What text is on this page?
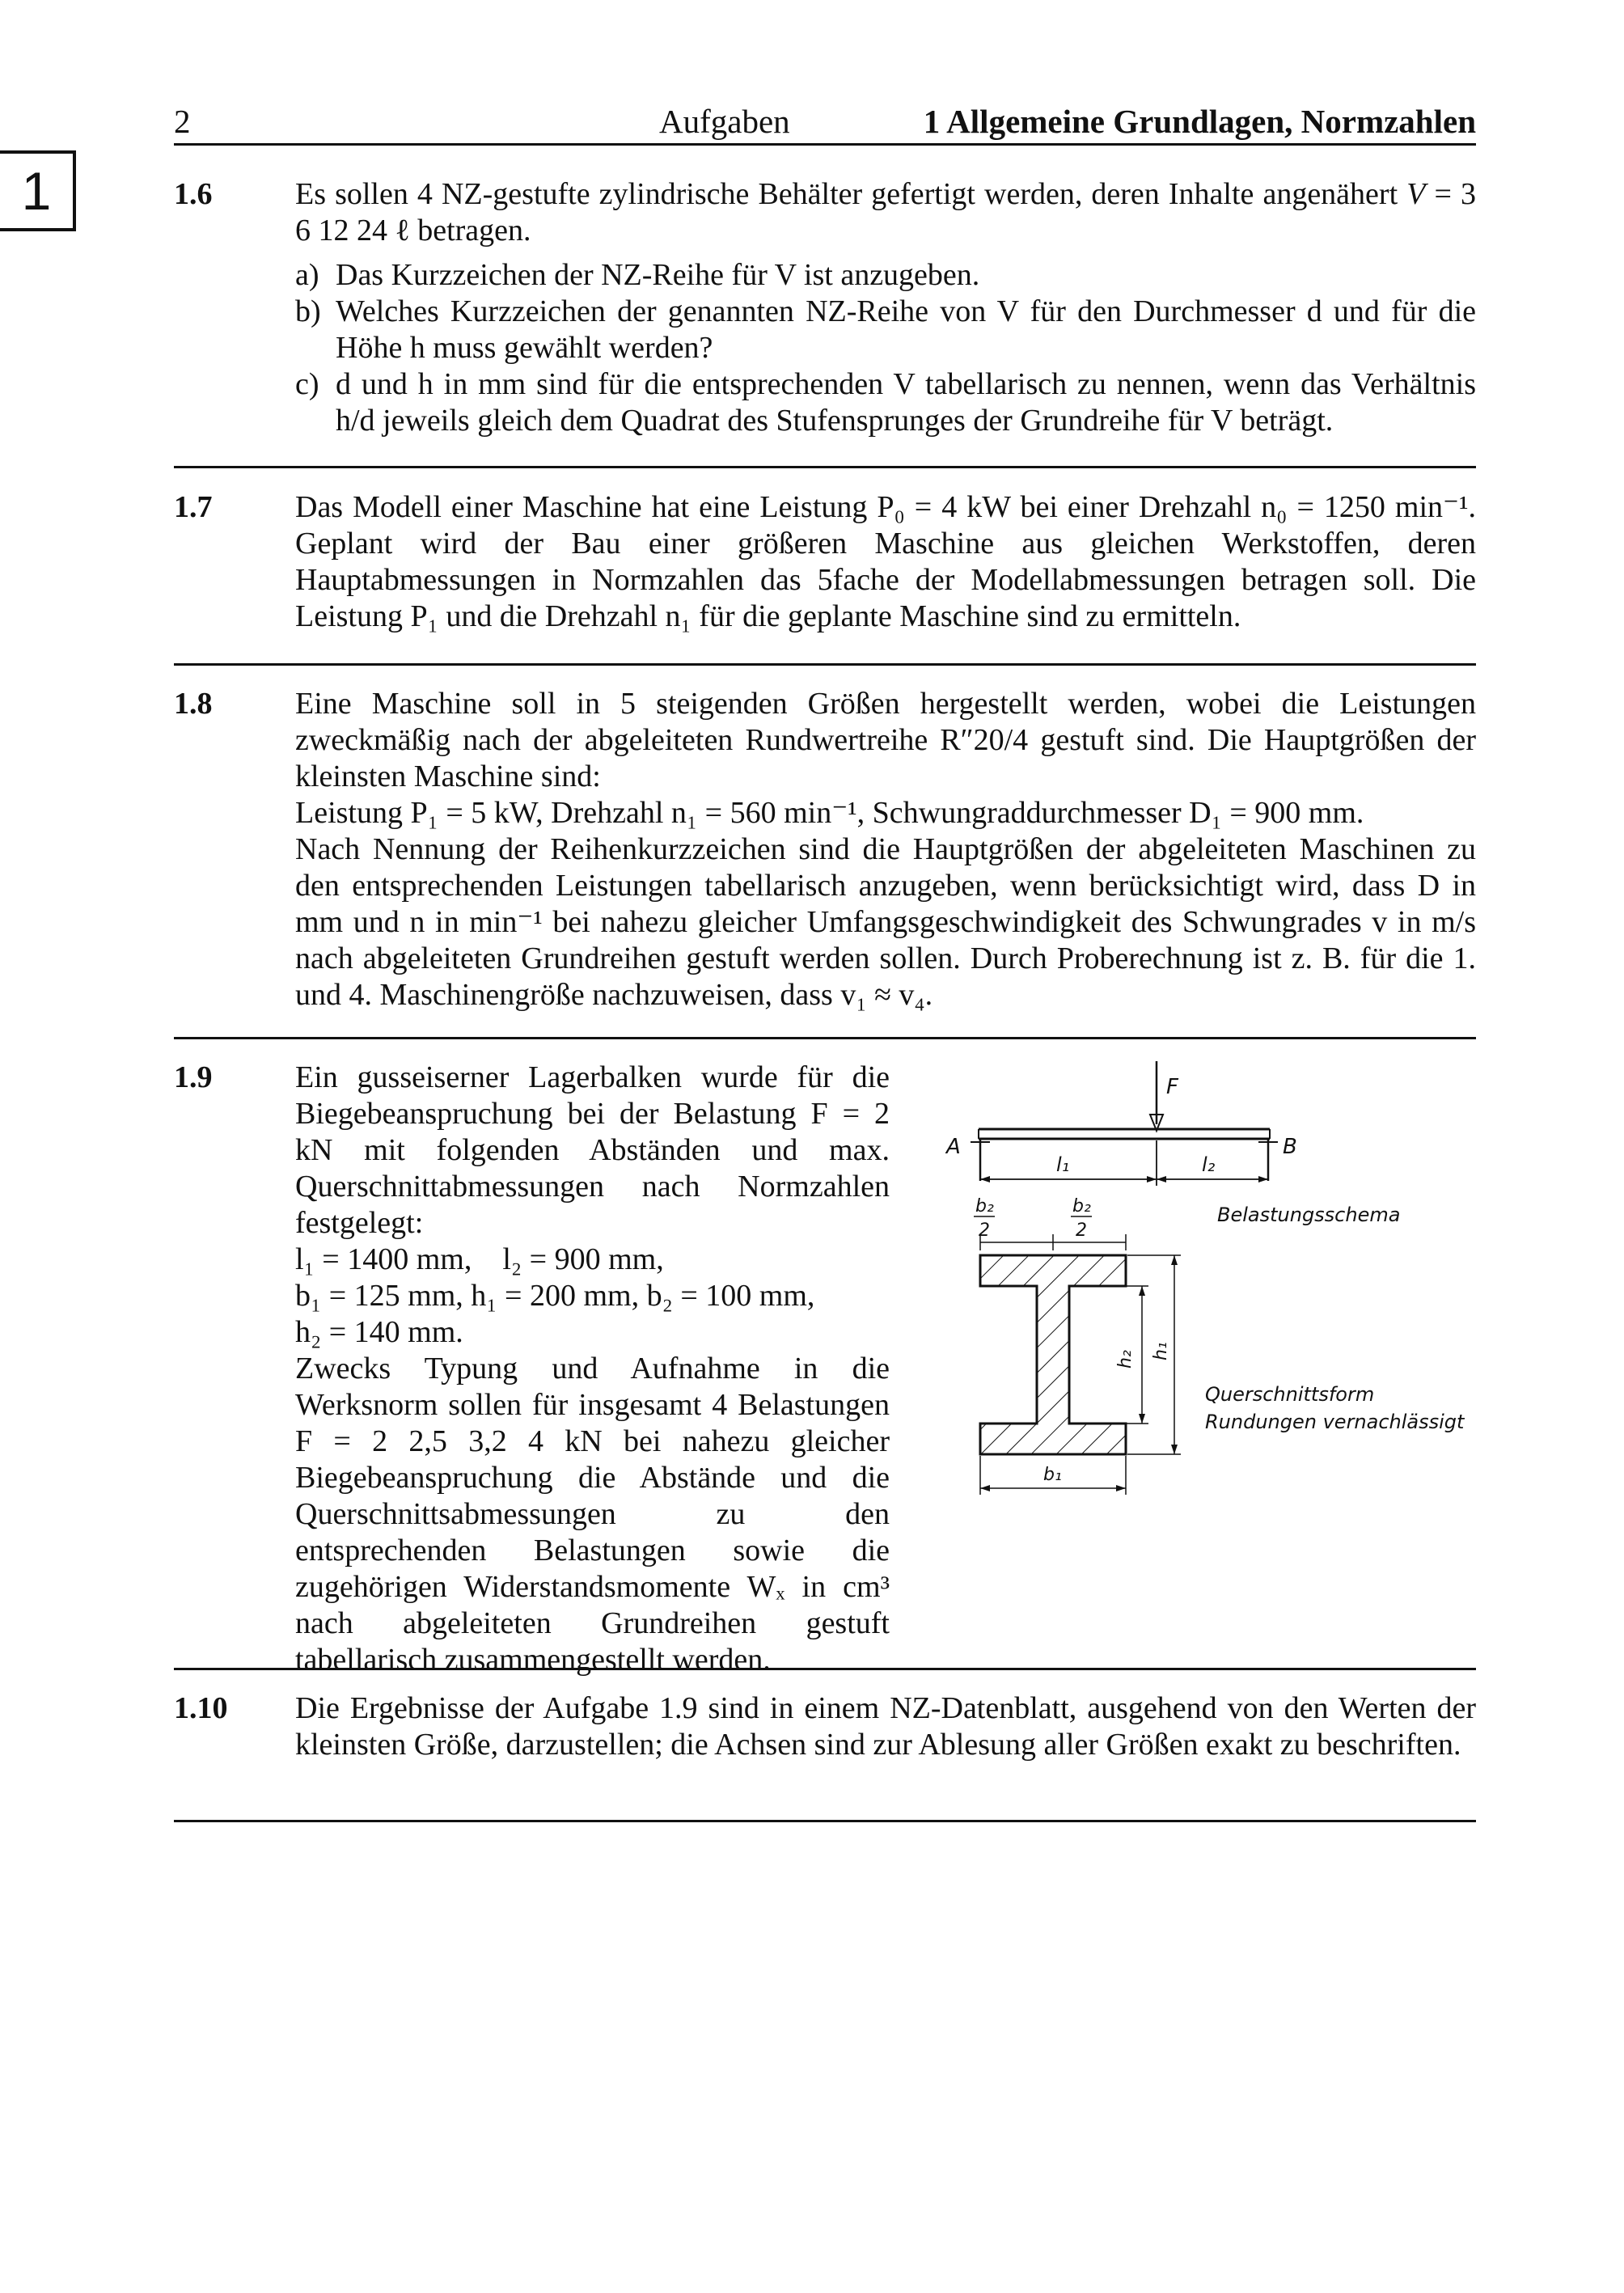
1
2	Aufgaben	1 Allgemeine Grundlagen, Normzahlen
1.6	Es sollen 4 NZ-gestufte zylindrische Behälter gefertigt werden, deren Inhalte angenähert V = 3 6 12 24 ℓ betragen.

a) Das Kurzzeichen der NZ-Reihe für V ist anzugeben.
b) Welches Kurzzeichen der genannten NZ-Reihe von V für den Durchmesser d und für die Höhe h muss gewählt werden?
c) d und h in mm sind für die entsprechenden V tabellarisch zu nennen, wenn das Verhältnis h/d jeweils gleich dem Quadrat des Stufensprunges der Grundreihe für V beträgt.
1.7	Das Modell einer Maschine hat eine Leistung P₀ = 4 kW bei einer Drehzahl n₀ = 1250 min⁻¹. Geplant wird der Bau einer größeren Maschine aus gleichen Werkstoffen, deren Hauptabmessungen in Normzahlen das 5fache der Modellabmessungen betragen soll. Die Leistung P₁ und die Drehzahl n₁ für die geplante Maschine sind zu ermitteln.

1.8	Eine Maschine soll in 5 steigenden Größen hergestellt werden, wobei die Leistungen zweckmäßig nach der abgeleiteten Rundwertreihe R″20/4 gestuft sind. Die Hauptgrößen der kleinsten Maschine sind:

Leistung P₁ = 5 kW, Drehzahl n₁ = 560 min⁻¹, Schwungraddurchmesser D₁ = 900 mm.

Nach Nennung der Reihenkurzzeichen sind die Hauptgrößen der abgeleiteten Maschinen zu den entsprechenden Leistungen tabellarisch anzugeben, wenn berücksichtigt wird, dass D in mm und n in min⁻¹ bei nahezu gleicher Umfangsgeschwindigkeit des Schwungrades v in m/s nach abgeleiteten Grundreihen gestuft werden sollen. Durch Proberechnung ist z. B. für die 1. und 4. Maschinengröße nachzuweisen, dass v₁ ≈ v₄.

1.9	Ein gusseiserner Lagerbalken wurde für die Biegebeanspruchung bei der Belastung F = 2 kN mit folgenden Abständen und max. Querschnittabmessungen nach Normzahlen festgelegt:

l₁ = 1400 mm,    l₂ = 900 mm,

b₁ = 125 mm, h₁ = 200 mm, b₂ = 100 mm,

h₂ = 140 mm.

Zwecks Typung und Aufnahme in die Werksnorm sollen für insgesamt 4 Belastungen F = 2 2,5 3,2 4 kN bei nahezu gleicher Biegebeanspruchung die Abstände und die Querschnittsabmessungen zu den entsprechenden Belastungen sowie die zugehörigen Widerstandsmomente Wₓ in cm³ nach abgeleiteten Grundreihen gestuft tabellarisch zusammengestellt werden.

F
A	B
l₁	l₂
b₂
2
b₂
2
Belastungsschema
h₂ h₁
b₁
Querschnittsform
Rundungen vernachlässigt
1.10 Die Ergebnisse der Aufgabe 1.9 sind in einem NZ-Datenblatt, ausgehend von den Werten der kleinsten Größe, darzustellen; die Achsen sind zur Ablesung aller Größen exakt zu beschriften.
